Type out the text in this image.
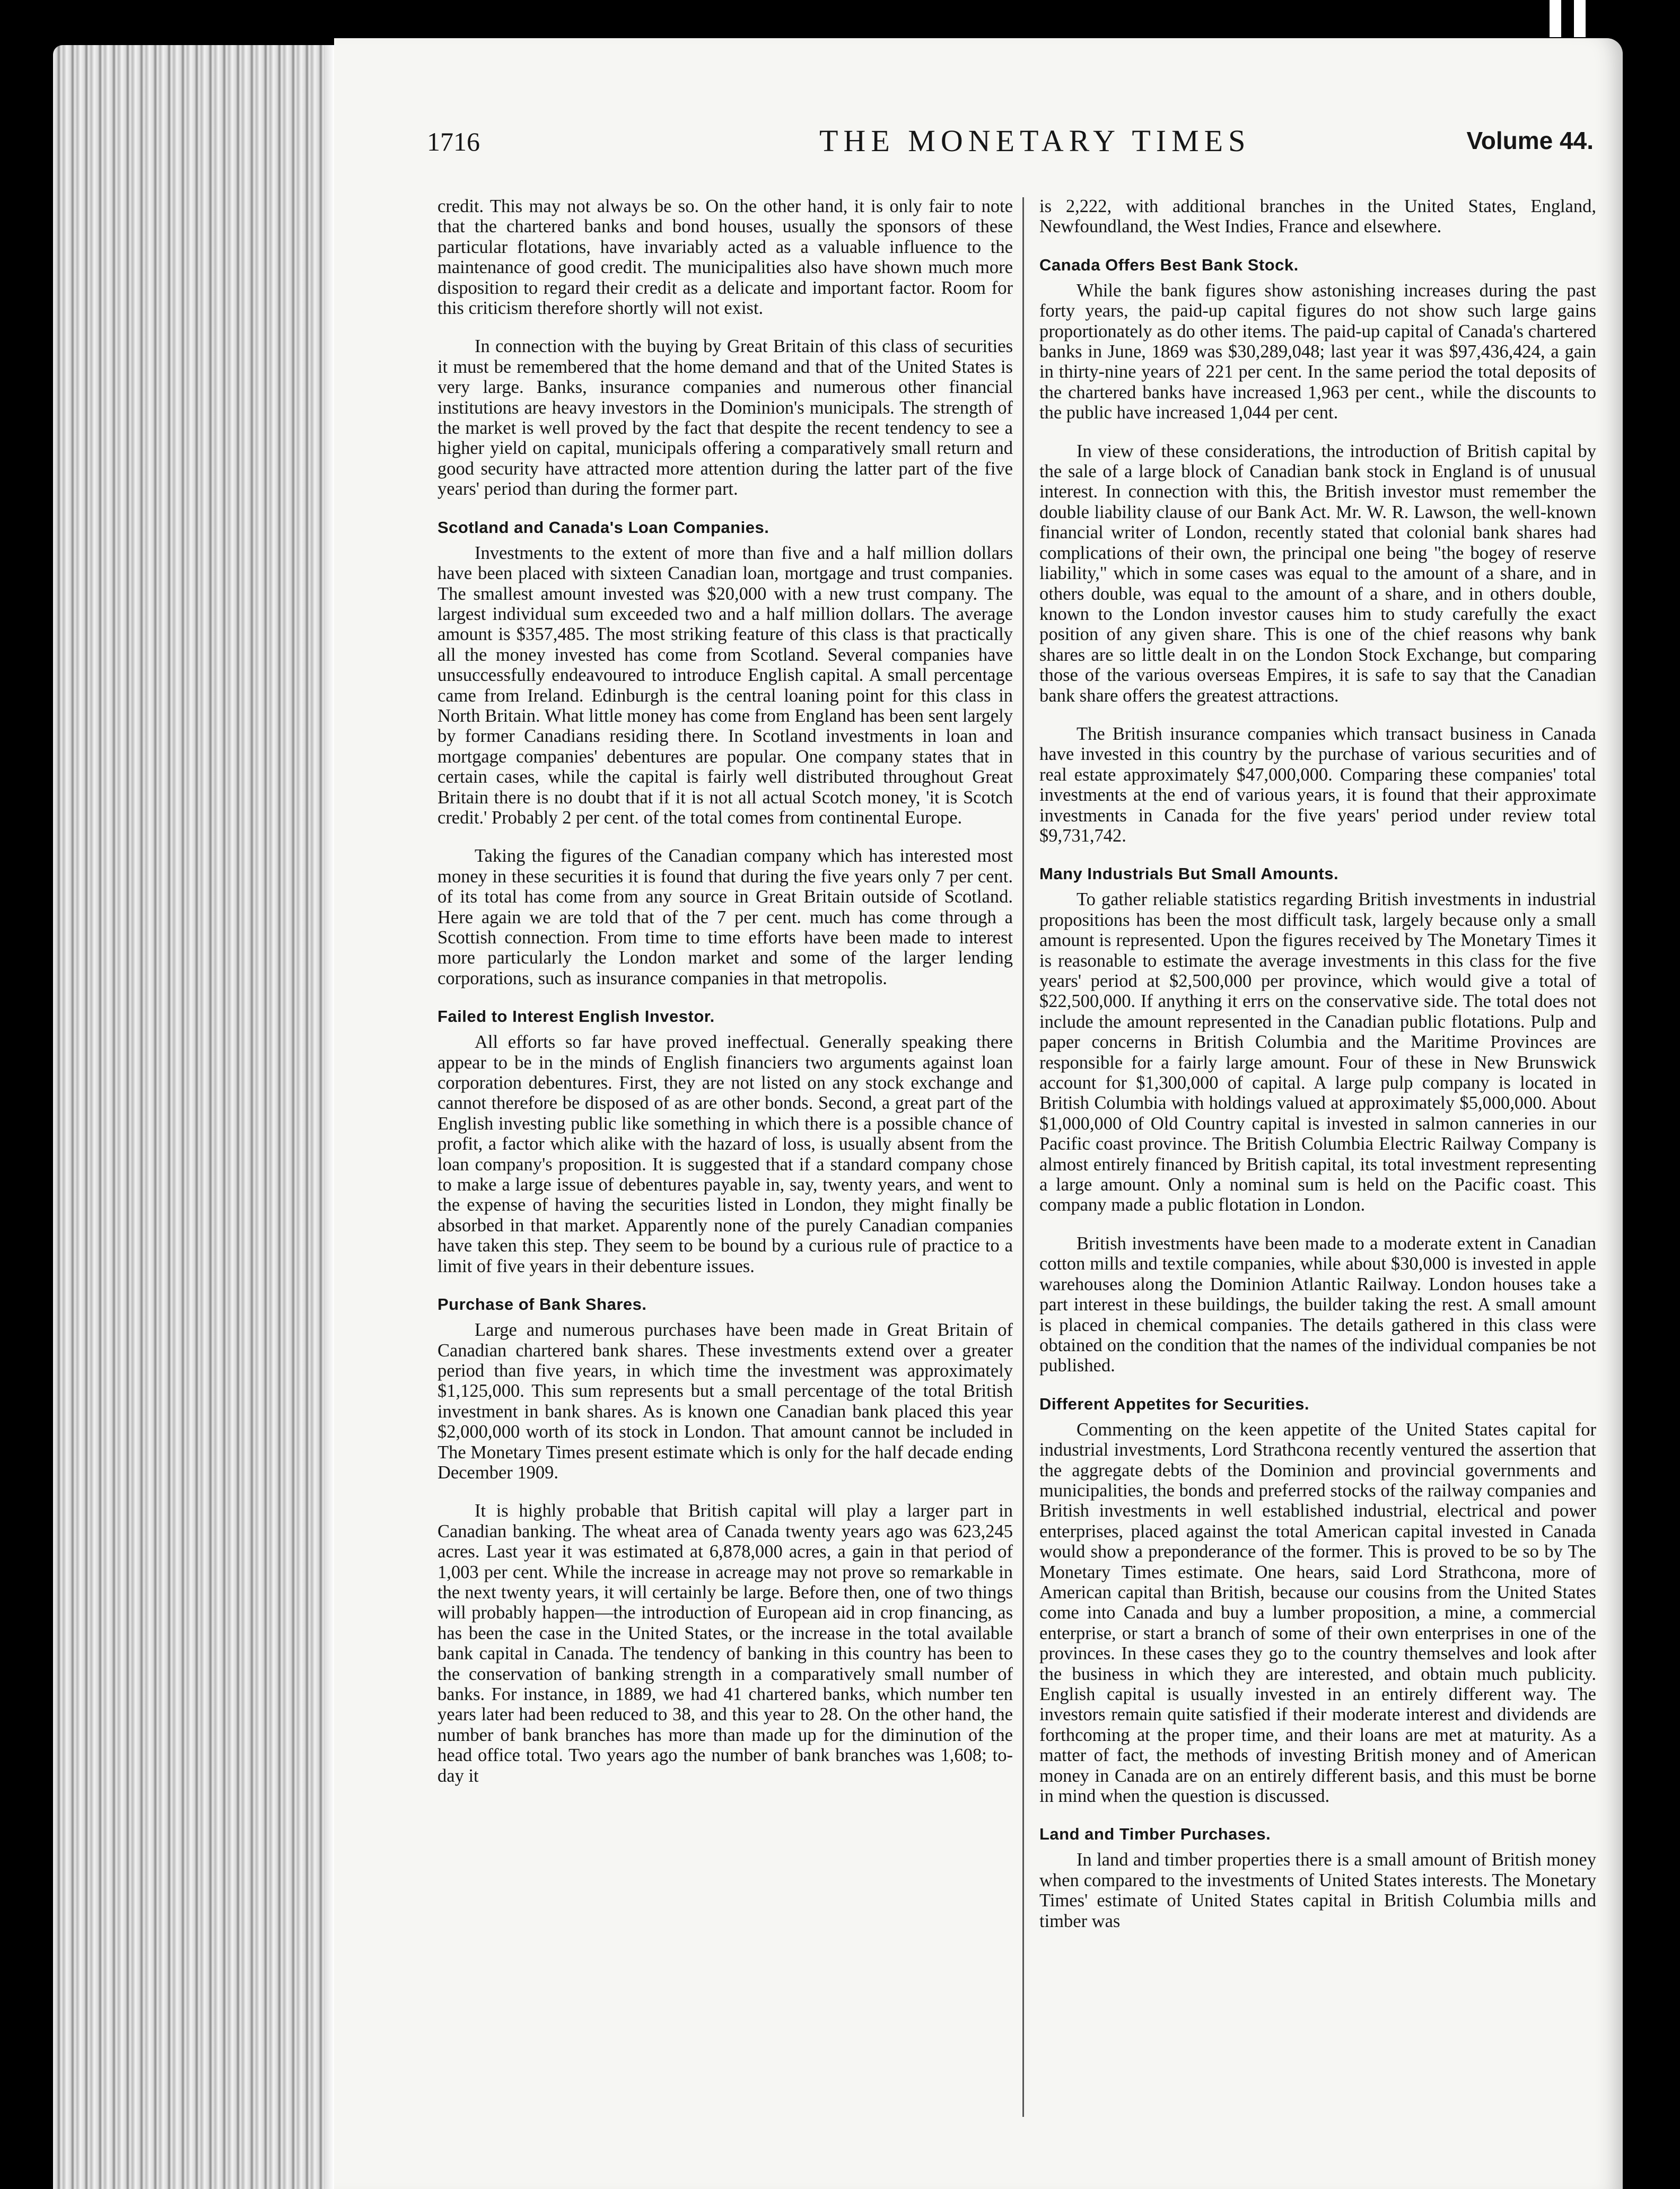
1716	THE MONETARY TIMES	Volume 44.

credit. This may not always be so. On the other hand, it is only fair to note that the chartered banks and bond houses, usually the sponsors of these particular flotations, have invariably acted as a valuable influence to the maintenance of good credit. The municipalities also have shown much more disposition to regard their credit as a delicate and important factor. Room for this criticism therefore shortly will not exist.

In connection with the buying by Great Britain of this class of securities it must be remembered that the home demand and that of the United States is very large. Banks, insurance companies and numerous other financial institutions are heavy investors in the Dominion's municipals. The strength of the market is well proved by the fact that despite the recent tendency to see a higher yield on capital, municipals offering a comparatively small return and good security have attracted more attention during the latter part of the five years' period than during the former part.

Scotland and Canada's Loan Companies.

Investments to the extent of more than five and a half million dollars have been placed with sixteen Canadian loan, mortgage and trust companies. The smallest amount invested was $20,000 with a new trust company. The largest individual sum exceeded two and a half million dollars. The average amount is $357,485. The most striking feature of this class is that practically all the money invested has come from Scotland. Several companies have unsuccessfully endeavoured to introduce English capital. A small percentage came from Ireland. Edinburgh is the central loaning point for this class in North Britain. What little money has come from England has been sent largely by former Canadians residing there. In Scotland investments in loan and mortgage companies' debentures are popular. One company states that in certain cases, while the capital is fairly well distributed throughout Great Britain there is no doubt that if it is not all actual Scotch money, 'it is Scotch credit.' Probably 2 per cent. of the total comes from continental Europe.

Taking the figures of the Canadian company which has interested most money in these securities it is found that during the five years only 7 per cent. of its total has come from any source in Great Britain outside of Scotland. Here again we are told that of the 7 per cent. much has come through a Scottish connection. From time to time efforts have been made to interest more particularly the London market and some of the larger lending corporations, such as insurance companies in that metropolis.

Failed to Interest English Investor.

All efforts so far have proved ineffectual. Generally speaking there appear to be in the minds of English financiers two arguments against loan corporation debentures. First, they are not listed on any stock exchange and cannot therefore be disposed of as are other bonds. Second, a great part of the English investing public like something in which there is a possible chance of profit, a factor which alike with the hazard of loss, is usually absent from the loan company's proposition. It is suggested that if a standard company chose to make a large issue of debentures payable in, say, twenty years, and went to the expense of having the securities listed in London, they might finally be absorbed in that market. Apparently none of the purely Canadian companies have taken this step. They seem to be bound by a curious rule of practice to a limit of five years in their debenture issues.

Purchase of Bank Shares.

Large and numerous purchases have been made in Great Britain of Canadian chartered bank shares. These investments extend over a greater period than five years, in which time the investment was approximately $1,125,000. This sum represents but a small percentage of the total British investment in bank shares. As is known one Canadian bank placed this year $2,000,000 worth of its stock in London. That amount cannot be included in The Monetary Times present estimate which is only for the half decade ending December 1909.

It is highly probable that British capital will play a larger part in Canadian banking. The wheat area of Canada twenty years ago was 623,245 acres. Last year it was estimated at 6,878,000 acres, a gain in that period of 1,003 per cent. While the increase in acreage may not prove so remarkable in the next twenty years, it will certainly be large. Before then, one of two things will probably happen—the introduction of European aid in crop financing, as has been the case in the United States, or the increase in the total available bank capital in Canada. The tendency of banking in this country has been to the conservation of banking strength in a comparatively small number of banks. For instance, in 1889, we had 41 chartered banks, which number ten years later had been reduced to 38, and this year to 28. On the other hand, the number of bank branches has more than made up for the diminution of the head office total. Two years ago the number of bank branches was 1,608; to-day it

is 2,222, with additional branches in the United States, England, Newfoundland, the West Indies, France and elsewhere.

Canada Offers Best Bank Stock.

While the bank figures show astonishing increases during the past forty years, the paid-up capital figures do not show such large gains proportionately as do other items. The paid-up capital of Canada's chartered banks in June, 1869 was $30,289,048; last year it was $97,436,424, a gain in thirty-nine years of 221 per cent. In the same period the total deposits of the chartered banks have increased 1,963 per cent., while the discounts to the public have increased 1,044 per cent.

In view of these considerations, the introduction of British capital by the sale of a large block of Canadian bank stock in England is of unusual interest. In connection with this, the British investor must remember the double liability clause of our Bank Act. Mr. W. R. Lawson, the well-known financial writer of London, recently stated that colonial bank shares had complications of their own, the principal one being "the bogey of reserve liability," which in some cases was equal to the amount of a share, and in others double, was equal to the amount of a share, and in others double, known to the London investor causes him to study carefully the exact position of any given share. This is one of the chief reasons why bank shares are so little dealt in on the London Stock Exchange, but comparing those of the various overseas Empires, it is safe to say that the Canadian bank share offers the greatest attractions.

The British insurance companies which transact business in Canada have invested in this country by the purchase of various securities and of real estate approximately $47,000,000. Comparing these companies' total investments at the end of various years, it is found that their approximate investments in Canada for the five years' period under review total $9,731,742.

Many Industrials But Small Amounts.

To gather reliable statistics regarding British investments in industrial propositions has been the most difficult task, largely because only a small amount is represented. Upon the figures received by The Monetary Times it is reasonable to estimate the average investments in this class for the five years' period at $2,500,000 per province, which would give a total of $22,500,000. If anything it errs on the conservative side. The total does not include the amount represented in the Canadian public flotations. Pulp and paper concerns in British Columbia and the Maritime Provinces are responsible for a fairly large amount. Four of these in New Brunswick account for $1,300,000 of capital. A large pulp company is located in British Columbia with holdings valued at approximately $5,000,000. About $1,000,000 of Old Country capital is invested in salmon canneries in our Pacific coast province. The British Columbia Electric Railway Company is almost entirely financed by British capital, its total investment representing a large amount. Only a nominal sum is held on the Pacific coast. This company made a public flotation in London.

British investments have been made to a moderate extent in Canadian cotton mills and textile companies, while about $30,000 is invested in apple warehouses along the Dominion Atlantic Railway. London houses take a part interest in these buildings, the builder taking the rest. A small amount is placed in chemical companies. The details gathered in this class were obtained on the condition that the names of the individual companies be not published.

Different Appetites for Securities.

Commenting on the keen appetite of the United States capital for industrial investments, Lord Strathcona recently ventured the assertion that the aggregate debts of the Dominion and provincial governments and municipalities, the bonds and preferred stocks of the railway companies and British investments in well established industrial, electrical and power enterprises, placed against the total American capital invested in Canada would show a preponderance of the former. This is proved to be so by The Monetary Times estimate. One hears, said Lord Strathcona, more of American capital than British, because our cousins from the United States come into Canada and buy a lumber proposition, a mine, a commercial enterprise, or start a branch of some of their own enterprises in one of the provinces. In these cases they go to the country themselves and look after the business in which they are interested, and obtain much publicity. English capital is usually invested in an entirely different way. The investors remain quite satisfied if their moderate interest and dividends are forthcoming at the proper time, and their loans are met at maturity. As a matter of fact, the methods of investing British money and of American money in Canada are on an entirely different basis, and this must be borne in mind when the question is discussed.

Land and Timber Purchases.

In land and timber properties there is a small amount of British money when compared to the investments of United States interests. The Monetary Times' estimate of United States capital in British Columbia mills and timber was
